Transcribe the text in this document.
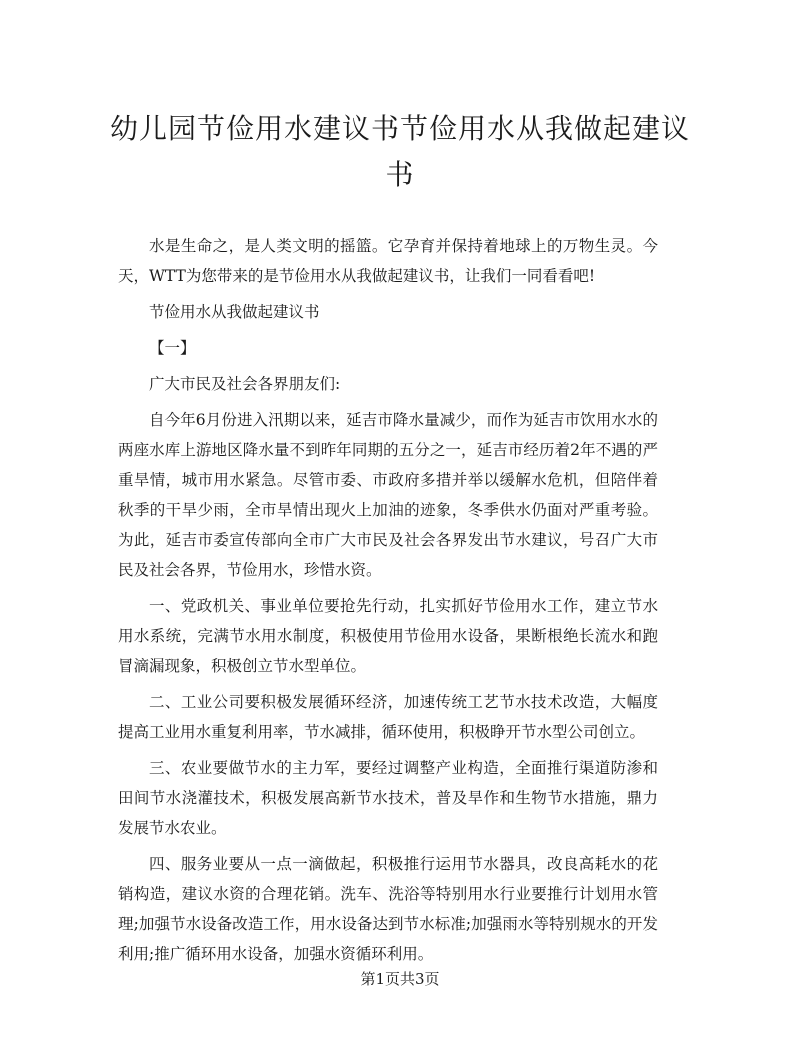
幼儿园节俭用水建议书节俭用水从我做起建议书

水是生命之，是人类文明的摇篮。它孕育并保持着地球上的万物生灵。今天，WTT为您带来的是节俭用水从我做起建议书，让我们一同看看吧!

节俭用水从我做起建议书

【一】

广大市民及社会各界朋友们:

自今年6月份进入汛期以来，延吉市降水量减少，而作为延吉市饮用水水的两座水库上游地区降水量不到昨年同期的五分之一，延吉市经历着2年不遇的严重旱情，城市用水紧急。尽管市委、市政府多措并举以缓解水危机，但陪伴着秋季的干旱少雨，全市旱情出现火上加油的迹象，冬季供水仍面对严重考验。为此，延吉市委宣传部向全市广大市民及社会各界发出节水建议，号召广大市民及社会各界，节俭用水，珍惜水资。

一、党政机关、事业单位要抢先行动，扎实抓好节俭用水工作，建立节水用水系统，完满节水用水制度，积极使用节俭用水设备，果断根绝长流水和跑冒滴漏现象，积极创立节水型单位。

二、工业公司要积极发展循环经济，加速传统工艺节水技术改造，大幅度提高工业用水重复利用率，节水减排，循环使用，积极睁开节水型公司创立。

三、农业要做节水的主力军，要经过调整产业构造，全面推行渠道防渗和田间节水浇灌技术，积极发展高新节水技术，普及旱作和生物节水措施，鼎力发展节水农业。

四、服务业要从一点一滴做起，积极推行运用节水器具，改良高耗水的花销构造，建议水资的合理花销。洗车、洗浴等特别用水行业要推行计划用水管理;加强节水设备改造工作，用水设备达到节水标准;加强雨水等特别规水的开发利用;推广循环用水设备，加强水资循环利用。

第1页共3页
